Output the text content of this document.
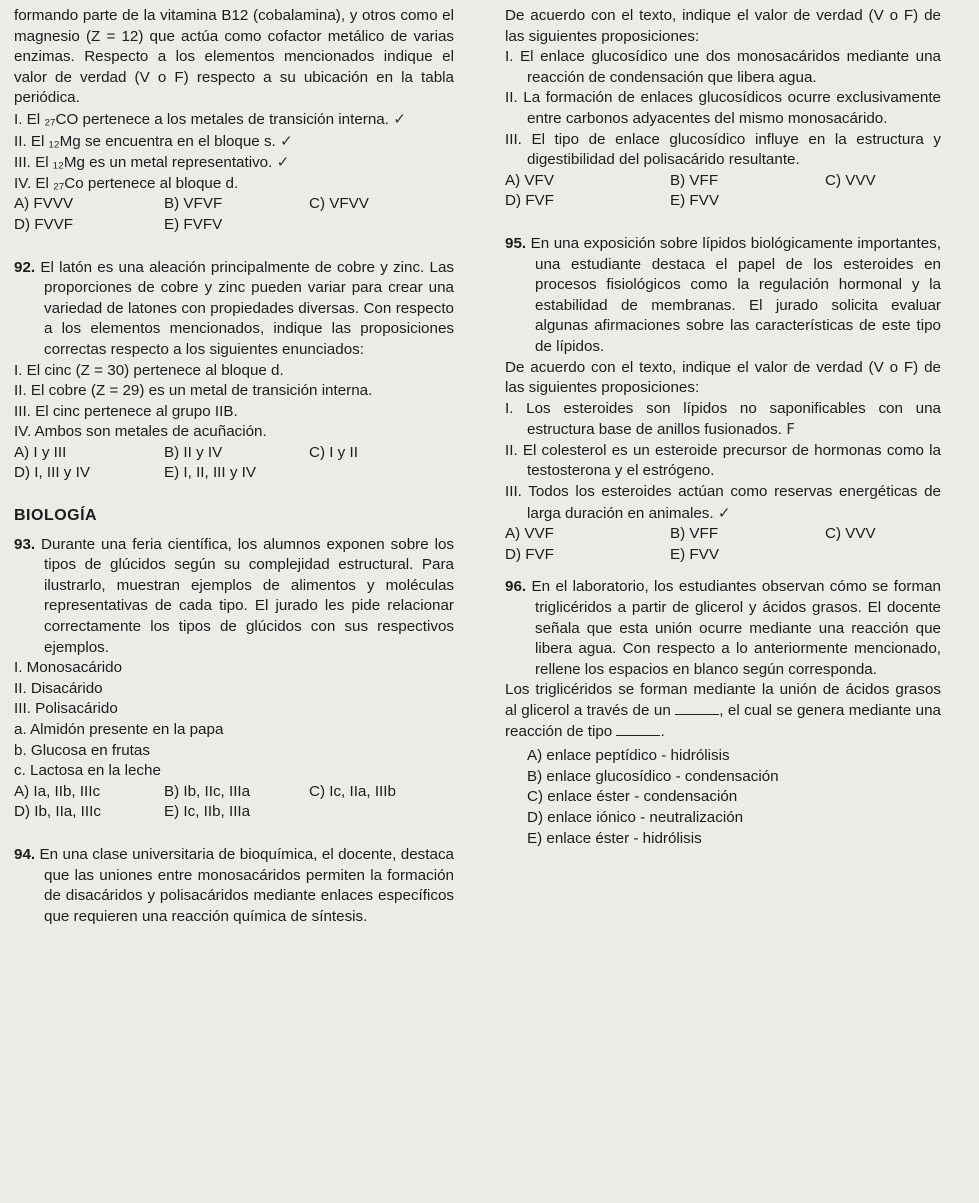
formando parte de la vitamina B12 (cobalamina), y otros como el magnesio (Z = 12) que actúa como cofactor metálico de varias enzimas. Respecto a los elementos mencionados indique el valor de verdad (V o F) respecto a su ubicación en la tabla periódica.

I. El ₂₇CO pertenece a los metales de transición interna. ✓

II. El ₁₂Mg se encuentra en el bloque s. ✓

III. El ₁₂Mg es un metal representativo. ✓

IV. El ₂₇Co pertenece al bloque d.

A) FVVV	B) VFVF	C) VFVV
D) FVVF	E) FVFV

92. El latón es una aleación principalmente de cobre y zinc. Las proporciones de cobre y zinc pueden variar para crear una variedad de latones con propiedades diversas. Con respecto a los elementos mencionados, indique las proposiciones correctas respecto a los siguientes enunciados:

I. El cinc (Z = 30) pertenece al bloque d.

II. El cobre (Z = 29) es un metal de transición interna.

III. El cinc pertenece al grupo IIB.

IV. Ambos son metales de acuñación.

A) I y III	B) II y IV	C) I y II
D) I, III y IV	E) I, II, III y IV

BIOLOGÍA

93. Durante una feria científica, los alumnos exponen sobre los tipos de glúcidos según su complejidad estructural. Para ilustrarlo, muestran ejemplos de alimentos y moléculas representativas de cada tipo. El jurado les pide relacionar correctamente los tipos de glúcidos con sus respectivos ejemplos.

I. Monosacárido

II. Disacárido

III. Polisacárido

a. Almidón presente en la papa

b. Glucosa en frutas

c. Lactosa en la leche

A) Ia, IIb, IIIc	B) Ib, IIc, IIIa	C) Ic, IIa, IIIb
D) Ib, IIa, IIIc	E) Ic, IIb, IIIa

94. En una clase universitaria de bioquímica, el docente, destaca que las uniones entre monosacáridos permiten la formación de disacáridos y polisacáridos mediante enlaces específicos que requieren una reacción química de síntesis.

De acuerdo con el texto, indique el valor de verdad (V o F) de las siguientes proposiciones:

I. El enlace glucosídico une dos monosacáridos mediante una reacción de condensación que libera agua.

II. La formación de enlaces glucosídicos ocurre exclusivamente entre carbonos adyacentes del mismo monosacárido.

III. El tipo de enlace glucosídico influye en la estructura y digestibilidad del polisacárido resultante.

A) VFV	B) VFF	C) VVV
D) FVF	E) FVV

95. En una exposición sobre lípidos biológicamente importantes, una estudiante destaca el papel de los esteroides en procesos fisiológicos como la regulación hormonal y la estabilidad de membranas. El jurado solicita evaluar algunas afirmaciones sobre las características de este tipo de lípidos.

De acuerdo con el texto, indique el valor de verdad (V o F) de las siguientes proposiciones:

I. Los esteroides son lípidos no saponificables con una estructura base de anillos fusionados. F

II. El colesterol es un esteroide precursor de hormonas como la testosterona y el estrógeno.

III. Todos los esteroides actúan como reservas energéticas de larga duración en animales. ✓

A) VVF	B) VFF	C) VVV
D) FVF	E) FVV

96. En el laboratorio, los estudiantes observan cómo se forman triglicéridos a partir de glicerol y ácidos grasos. El docente señala que esta unión ocurre mediante una reacción que libera agua. Con respecto a lo anteriormente mencionado, rellene los espacios en blanco según corresponda.

Los triglicéridos se forman mediante la unión de ácidos grasos al glicerol a través de un	, el cual se genera mediante una reacción de tipo	.

A) enlace peptídico - hidrólisis

B) enlace glucosídico - condensación

C) enlace éster - condensación

D) enlace iónico - neutralización

E) enlace éster - hidrólisis
